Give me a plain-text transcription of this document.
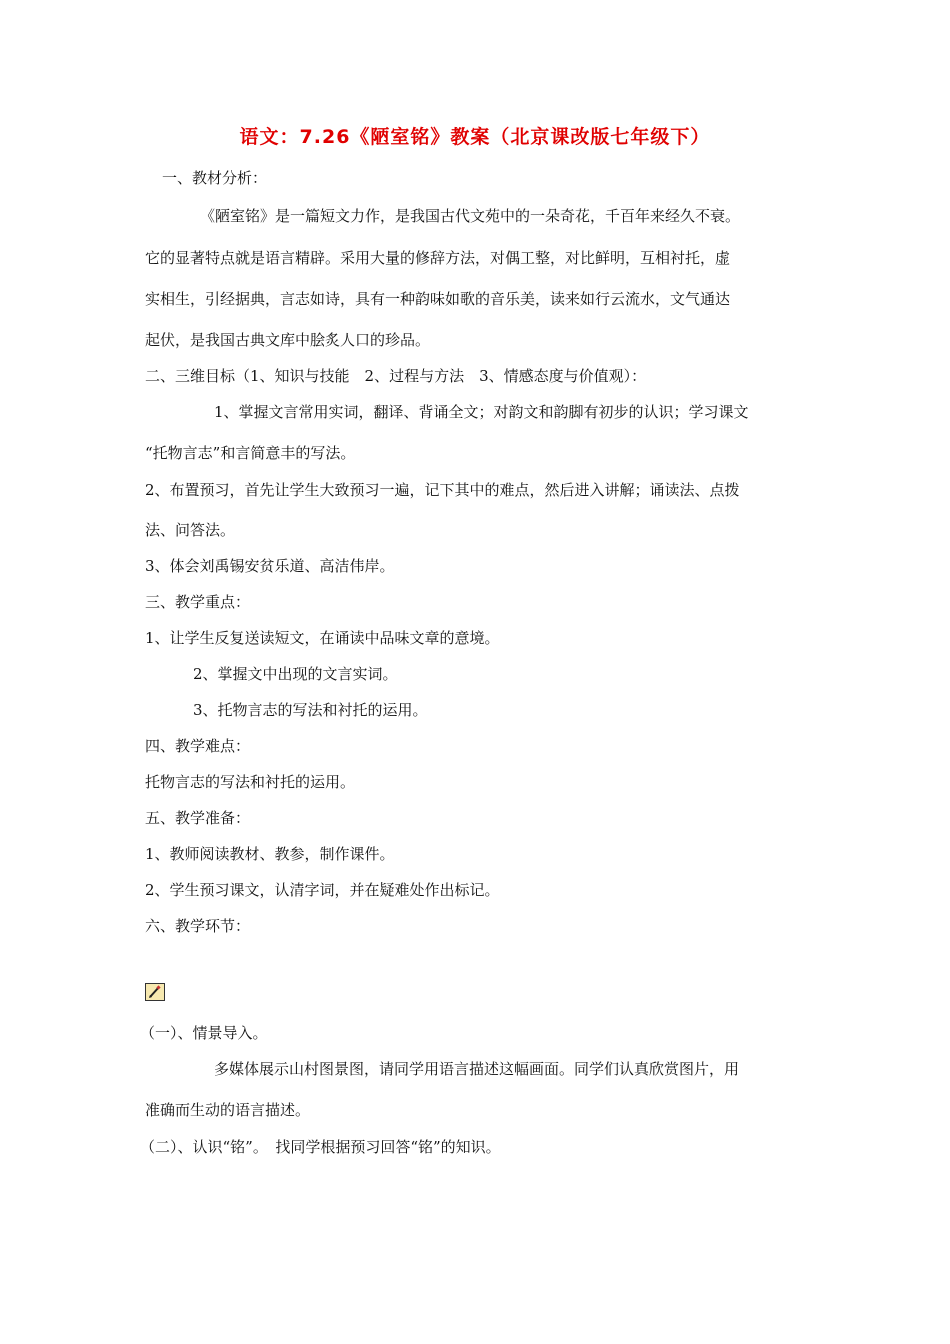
语文：7.26《陋室铭》教案（北京课改版七年级下）

一、教材分析：

《陋室铭》是一篇短文力作，是我国古代文苑中的一朵奇花，千百年来经久不衰。

它的显著特点就是语言精辟。采用大量的修辞方法，对偶工整，对比鲜明，互相衬托，虚

实相生，引经据典，言志如诗，具有一种韵味如歌的音乐美，读来如行云流水，文气通达

起伏，是我国古典文库中脍炙人口的珍品。

二、三维目标（1、知识与技能　2、过程与方法　3、情感态度与价值观）：

1、掌握文言常用实词，翻译、背诵全文；对韵文和韵脚有初步的认识；学习课文

“托物言志”和言简意丰的写法。

2、布置预习，首先让学生大致预习一遍，记下其中的难点，然后进入讲解；诵读法、点拨

法、问答法。

3、体会刘禹锡安贫乐道、高洁伟岸。

三、教学重点：

1、让学生反复送读短文，在诵读中品味文章的意境。

2、掌握文中出现的文言实词。

3、托物言志的写法和衬托的运用。

四、教学难点：

托物言志的写法和衬托的运用。

五、教学准备：

1、教师阅读教材、教参，制作课件。

2、学生预习课文，认清字词，并在疑难处作出标记。

六、教学环节：

（一）、情景导入。

多媒体展示山村图景图，请同学用语言描述这幅画面。同学们认真欣赏图片，用

准确而生动的语言描述。

（二）、认识“铭”。　找同学根据预习回答“铭”的知识。
